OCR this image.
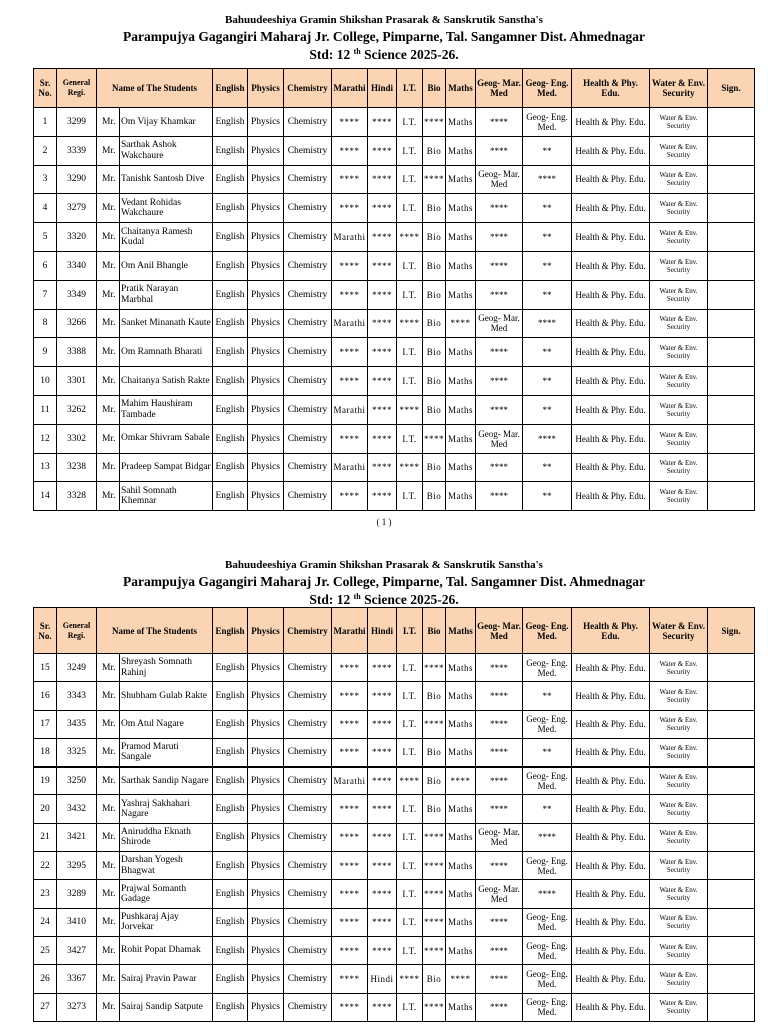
Bahuudeeshiya Gramin Shikshan Prasarak & Sanskrutik Sanstha's
Parampujya Gagangiri Maharaj Jr. College, Pimparne, Tal. Sangamner Dist. Ahmednagar
Std: 12 $^{th}$ Science 2025-26.
Sr. No.	General Regi.	Name of The Students		English	Physics	Chemistry	Marathi	Hindi	I.T.	Bio	Maths	Geog- Mar. Med	Geog- Eng. Med.	Health & Phy. Edu.	Water & Env. Security	Sign.
1	3299	Mr.	Om Vijay Khamkar	English	Physics	Chemistry	****	****	I.T.	****	Maths	****	Geog- Eng. Med.	Health & Phy. Edu.	Water & Env. Security	
2	3339	Mr.	Sarthak Ashok Wakchaure	English	Physics	Chemistry	****	****	I.T.	Bio	Maths	****	**	Health & Phy. Edu.	Water & Env. Security	
3	3290	Mr.	Tanishk Santosh Dive	English	Physics	Chemistry	****	****	I.T.	****	Maths	Geog- Mar. Med	****	Health & Phy. Edu.	Water & Env. Security	
4	3279	Mr.	Vedant Rohidas Wakchaure	English	Physics	Chemistry	****	****	I.T.	Bio	Maths	****	**	Health & Phy. Edu.	Water & Env. Security	
5	3320	Mr.	Chaitanya Ramesh Kudal	English	Physics	Chemistry	Marathi	****	****	Bio	Maths	****	**	Health & Phy. Edu.	Water & Env. Security	
6	3340	Mr.	Om Anil Bhangle	English	Physics	Chemistry	****	****	I.T.	Bio	Maths	****	**	Health & Phy. Edu.	Water & Env. Security	
7	3349	Mr.	Pratik Narayan Marbhal	English	Physics	Chemistry	****	****	I.T.	Bio	Maths	****	**	Health & Phy. Edu.	Water & Env. Security	
8	3266	Mr.	Sanket Minanath Kaute	English	Physics	Chemistry	Marathi	****	****	Bio	****	Geog- Mar. Med	****	Health & Phy. Edu.	Water & Env. Security	
9	3388	Mr.	Om Ramnath Bharati	English	Physics	Chemistry	****	****	I.T.	Bio	Maths	****	**	Health & Phy. Edu.	Water & Env. Security	
10	3301	Mr.	Chaitanya Satish Rakte	English	Physics	Chemistry	****	****	I.T.	Bio	Maths	****	**	Health & Phy. Edu.	Water & Env. Security	
11	3262	Mr.	Mahim Haushiram Tambade	English	Physics	Chemistry	Marathi	****	****	Bio	Maths	****	**	Health & Phy. Edu.	Water & Env. Security	
12	3302	Mr.	Omkar Shivram Sabale	English	Physics	Chemistry	****	****	I.T.	****	Maths	Geog- Mar. Med	****	Health & Phy. Edu.	Water & Env. Security	
13	3238	Mr.	Pradeep Sampat Bidgar	English	Physics	Chemistry	Marathi	****	****	Bio	Maths	****	**	Health & Phy. Edu.	Water & Env. Security	
14	3328	Mr.	Sahil Somnath Khemnar	English	Physics	Chemistry	****	****	I.T.	Bio	Maths	****	**	Health & Phy. Edu.	Water & Env. Security	
( 1 )
Bahuudeeshiya Gramin Shikshan Prasarak & Sanskrutik Sanstha's
Parampujya Gagangiri Maharaj Jr. College, Pimparne, Tal. Sangamner Dist. Ahmednagar
Std: 12 $^{th}$ Science 2025-26.
Sr. No.	General Regi.	Name of The Students		English	Physics	Chemistry	Marathi	Hindi	I.T.	Bio	Maths	Geog- Mar. Med	Geog- Eng. Med.	Health & Phy. Edu.	Water & Env. Security	Sign.
15	3249	Mr.	Shreyash Somnath Rahinj	English	Physics	Chemistry	****	****	I.T.	****	Maths	****	Geog- Eng. Med.	Health & Phy. Edu.	Water & Env. Security	
16	3343	Mr.	Shubham Gulab Rakte	English	Physics	Chemistry	****	****	I.T.	Bio	Maths	****	**	Health & Phy. Edu.	Water & Env. Security	
17	3435	Mr.	Om Atul Nagare	English	Physics	Chemistry	****	****	I.T.	****	Maths	****	Geog- Eng. Med.	Health & Phy. Edu.	Water & Env. Security	
18	3325	Mr.	Pramod Maruti Sangale	English	Physics	Chemistry	****	****	I.T.	Bio	Maths	****	**	Health & Phy. Edu.	Water & Env. Security	
19	3250	Mr.	Sarthak Sandip Nagare	English	Physics	Chemistry	Marathi	****	****	Bio	****	****	Geog- Eng. Med.	Health & Phy. Edu.	Water & Env. Security	
20	3432	Mr.	Yashraj Sakhahari Nagare	English	Physics	Chemistry	****	****	I.T.	Bio	Maths	****	**	Health & Phy. Edu.	Water & Env. Security	
21	3421	Mr.	Aniruddha Eknath Shirode	English	Physics	Chemistry	****	****	I.T.	****	Maths	Geog- Mar. Med	****	Health & Phy. Edu.	Water & Env. Security	
22	3295	Mr.	Darshan Yogesh Bhagwat	English	Physics	Chemistry	****	****	I.T.	****	Maths	****	Geog- Eng. Med.	Health & Phy. Edu.	Water & Env. Security	
23	3289	Mr.	Prajwal Somanth Gadage	English	Physics	Chemistry	****	****	I.T.	****	Maths	Geog- Mar. Med	****	Health & Phy. Edu.	Water & Env. Security	
24	3410	Mr.	Pushkaraj Ajay Jorvekar	English	Physics	Chemistry	****	****	I.T.	****	Maths	****	Geog- Eng. Med.	Health & Phy. Edu.	Water & Env. Security	
25	3427	Mr.	Rohit Popat Dhamak	English	Physics	Chemistry	****	****	I.T.	****	Maths	****	Geog- Eng. Med.	Health & Phy. Edu.	Water & Env. Security	
26	3367	Mr.	Sairaj Pravin Pawar	English	Physics	Chemistry	****	Hindi	****	Bio	****	****	Geog- Eng. Med.	Health & Phy. Edu.	Water & Env. Security	
27	3273	Mr.	Sairaj Sandip Satpute	English	Physics	Chemistry	****	****	I.T.	****	Maths	****	Geog- Eng. Med.	Health & Phy. Edu.	Water & Env. Security	
